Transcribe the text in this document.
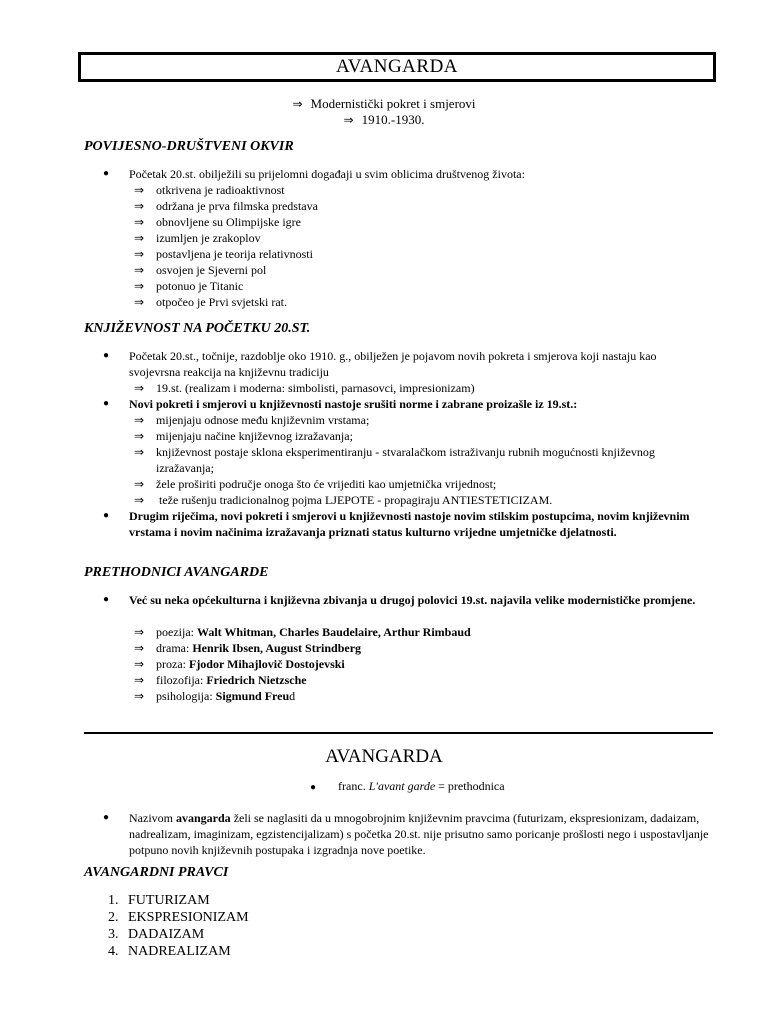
AVANGARDA
⇒ Modernistički pokret i smjerovi
⇒ 1910.-1930.
POVIJESNO-DRUŠTVENI OKVIR
● Početak 20.st. obilježili su prijelomni događaji u svim oblicima društvenog života:
⇒ otkrivena je radioaktivnost
⇒ održana je prva filmska predstava
⇒ obnovljene su Olimpijske igre
⇒ izumljen je zrakoplov
⇒ postavljena je teorija relativnosti
⇒ osvojen je Sjeverni pol
⇒ potonuo je Titanic
⇒ otpočeo je Prvi svjetski rat.
KNJIŽEVNOST NA POČETKU 20.ST.
● Početak 20.st., točnije, razdoblje oko 1910. g., obilježen je pojavom novih pokreta i smjerova koji nastaju kao svojevrsna reakcija na književnu tradiciju
⇒ 19.st. (realizam i moderna: simbolisti, parnasovci, impresionizam)
● Novi pokreti i smjerovi u književnosti nastoje srušiti norme i zabrane proizašle iz 19.st.:
⇒ mijenjaju odnose među književnim vrstama;
⇒ mijenjaju načine književnog izražavanja;
⇒ književnost postaje sklona eksperimentiranju - stvaralačkom istraživanju rubnih mogućnosti književnog izražavanja;
⇒ žele proširiti područje onoga što će vrijediti kao umjetnička vrijednost;
⇒ teže rušenju tradicionalnog pojma LJEPOTE - propagiraju ANTIESTETICIZAM.
● Drugim riječima, novi pokreti i smjerovi u književnosti nastoje novim stilskim postupcima, novim književnim vrstama i novim načinima izražavanja priznati status kulturno vrijedne umjetničke djelatnosti.
PRETHODNICI AVANGARDE
● Već su neka općekulturna i književna zbivanja u drugoj polovici 19.st. najavila velike modernističke promjene.
⇒ poezija: Walt Whitman, Charles Baudelaire, Arthur Rimbaud
⇒ drama: Henrik Ibsen, August Strindberg
⇒ proza: Fjodor Mihajlovič Dostojevski
⇒ filozofija: Friedrich Nietzsche
⇒ psihologija: Sigmund Freud
AVANGARDA
● franc. L'avant garde = prethodnica
● Nazivom avangarda želi se naglasiti da u mnogobrojnim književnim pravcima (futurizam, ekspresionizam, dadaizam, nadrealizam, imaginizam, egzistencijalizam) s početka 20.st. nije prisutno samo poricanje prošlosti nego i uspostavljanje potpuno novih književnih postupaka i izgradnja nove poetike.
AVANGARDNI PRAVCI
1. FUTURIZAM
2. EKSPRESIONIZAM
3. DADAIZAM
4. NADREALIZAM
